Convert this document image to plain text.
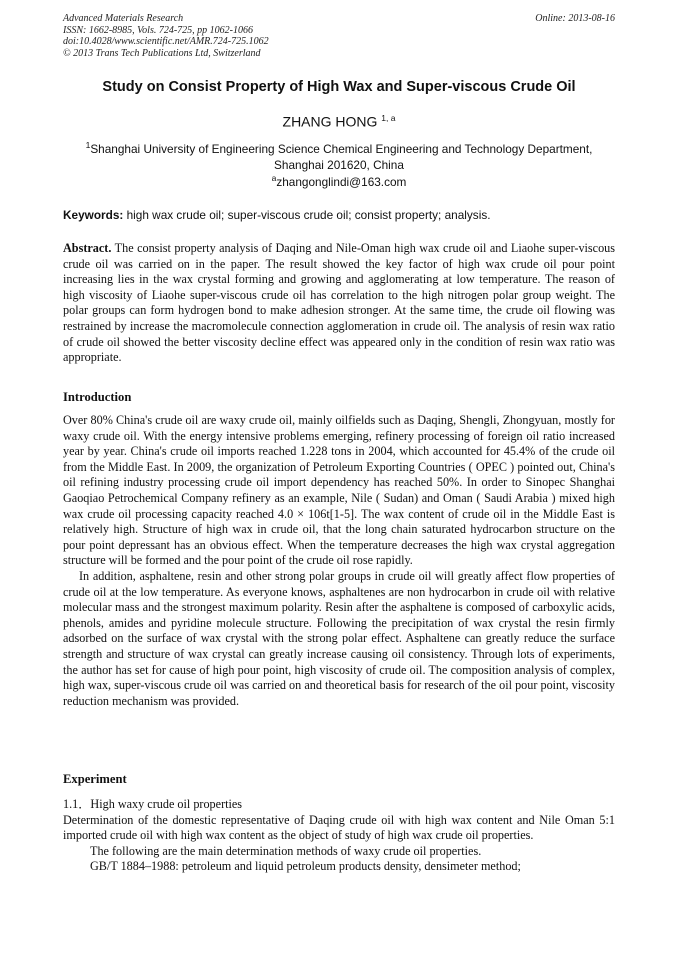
Advanced Materials Research
ISSN: 1662-8985, Vols. 724-725, pp 1062-1066
doi:10.4028/www.scientific.net/AMR.724-725.1062
© 2013 Trans Tech Publications Ltd, Switzerland
Online: 2013-08-16
Study on Consist Property of High Wax and Super-viscous Crude Oil
ZHANG HONG $^{1, a}$
$^1$Shanghai University of Engineering Science Chemical Engineering and Technology Department,
Shanghai 201620, China
$^a$zhangonglindi@163.com
Keywords: high wax crude oil; super-viscous crude oil; consist property; analysis.

Abstract. The consist property analysis of Daqing and Nile-Oman high wax crude oil and Liaohe super-viscous crude oil was carried on in the paper. The result showed the key factor of high wax crude oil pour point increasing lies in the wax crystal forming and growing and agglomerating at low temperature. The reason of high viscosity of Liaohe super-viscous crude oil has correlation to the high nitrogen polar group weight. The polar groups can form hydrogen bond to make adhesion stronger. At the same time, the crude oil flowing was restrained by increase the macromolecule connection agglomeration in crude oil. The analysis of resin wax ratio of crude oil showed the better viscosity decline effect was appeared only in the condition of resin wax ratio was appropriate.

Introduction

Over 80% China's crude oil are waxy crude oil, mainly oilfields such as Daqing, Shengli, Zhongyuan, mostly for waxy crude oil. With the energy intensive problems emerging, refinery processing of foreign oil ratio increased year by year. China's crude oil imports reached 1.228 tons in 2004, which accounted for 45.4% of the crude oil from the Middle East. In 2009, the organization of Petroleum Exporting Countries ( OPEC ) pointed out, China's oil refining industry processing crude oil import dependency has reached 50%. In order to Sinopec Shanghai Gaoqiao Petrochemical Company refinery as an example, Nile ( Sudan) and Oman ( Saudi Arabia ) mixed high wax crude oil processing capacity reached 4.0 × 106t[1-5]. The wax content of crude oil in the Middle East is relatively high. Structure of high wax in crude oil, that the long chain saturated hydrocarbon structure on the pour point depressant has an obvious effect. When the temperature decreases the high wax crystal aggregation structure will be formed and the pour point of the crude oil rose rapidly.

In addition, asphaltene, resin and other strong polar groups in crude oil will greatly affect flow properties of crude oil at the low temperature. As everyone knows, asphaltenes are non hydrocarbon in crude oil with relative molecular mass and the strongest maximum polarity. Resin after the asphaltene is composed of carboxylic acids, phenols, amides and pyridine molecule structure. Following the precipitation of wax crystal the resin firmly adsorbed on the surface of wax crystal with the strong polar effect. Asphaltene can greatly reduce the surface strength and structure of wax crystal can greatly increase causing oil consistency. Through lots of experiments, the author has set for cause of high pour point, high viscosity of crude oil. The composition analysis of complex, high wax, super-viscous crude oil was carried on and theoretical basis for research of the oil pour point, viscosity reduction mechanism was provided.

Experiment

1.1．High waxy crude oil properties

Determination of the domestic representative of Daqing crude oil with high wax content and Nile Oman 5:1 imported crude oil with high wax content as the object of study of high wax crude oil properties.

The following are the main determination methods of waxy crude oil properties.

GB/T 1884–1988: petroleum and liquid petroleum products density, densimeter method;
